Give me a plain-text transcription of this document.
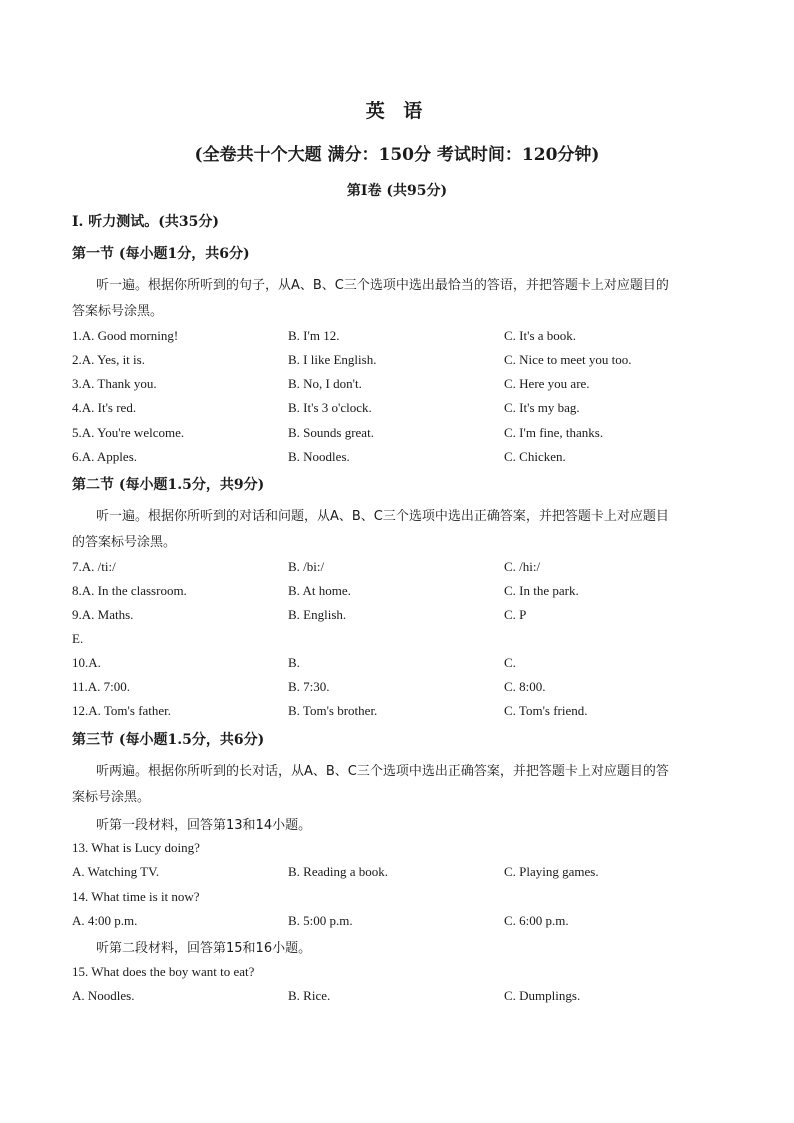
英 语
(全卷共十个大题 满分：150分 考试时间：120分钟)
第Ⅰ卷 (共95分)
Ⅰ. 听力测试。(共35分)
第一节 (每小题1分，共6分)
听一遍。根据你所听到的句子，从A、B、C三个选项中选出最恰当的答语，并把答题卡上对应题目的
答案标号涂黑。
1.A. Good morning!	B. I'm 12.	C. It's a book.
2.A. Yes, it is.	B. I like English.	C. Nice to meet you too.
3.A. Thank you.	B. No, I don't.	C. Here you are.
4.A. It's red.	B. It's 3 o'clock.	C. It's my bag.
5.A. You're welcome.	B. Sounds great.	C. I'm fine, thanks.
6.A. Apples.	B. Noodles.	C. Chicken.
第二节 (每小题1.5分，共9分)
听一遍。根据你所听到的对话和问题，从A、B、C三个选项中选出正确答案，并把答题卡上对应题目
的答案标号涂黑。
7.A. /ti:/	B. /bi:/	C. /hi:/
8.A. In the classroom.	B. At home.	C. In the park.
9.A. Maths.	B. English.	C. P
E.
10.A.	B.	C.
11.A. 7:00.	B. 7:30.	C. 8:00.
12.A. Tom's father.	B. Tom's brother.	C. Tom's friend.
第三节 (每小题1.5分，共6分)
听两遍。根据你所听到的长对话，从A、B、C三个选项中选出正确答案，并把答题卡上对应题目的答
案标号涂黑。
听第一段材料，回答第13和14小题。
13. What is Lucy doing?
A. Watching TV.	B. Reading a book.	C. Playing games.
14. What time is it now?
A. 4:00 p.m.	B. 5:00 p.m.	C. 6:00 p.m.
听第二段材料，回答第15和16小题。
15. What does the boy want to eat?
A. Noodles.	B. Rice.	C. Dumplings.
